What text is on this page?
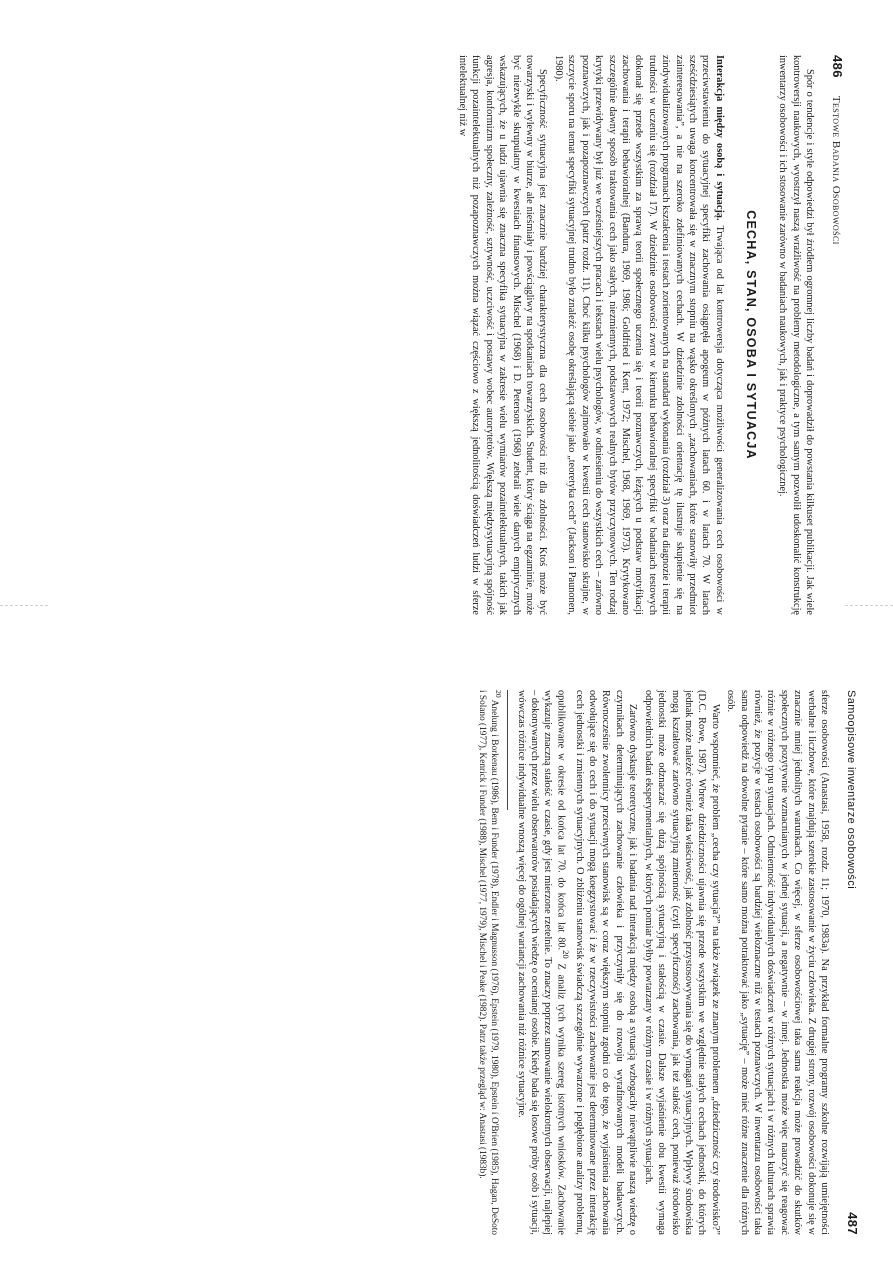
486
Testowe Badania Osobowości

Spór o tendencje i style odpowiedzi był źródłem ogromnej liczby badań i doprowadził do powstania kilkuset publikacji. Jak wiele kontrowersji naukowych, wyostrzył naszą wrażliwość na problemy metodologiczne, a tym samym pozwolił udoskonalić konstrukcję inwentarzy osobowości i ich stosowanie zarówno w badaniach naukowych, jak i praktyce psychologicznej.

CECHA, STAN, OSOBA I SYTUACJA

Interakcja między osobą i sytuacją. Trwająca od lat kontrowersja dotycząca możliwości generalizowania cech osobowości w przeciwstawieniu do sytuacyjnej specyfiki zachowania osiągnęła apogeum w późnych latach 60. i w latach 70. W latach sześćdziesiątych uwaga koncentrowała się w znacznym stopniu na wąsko określonych „zachowaniach, które stanowiły przedmiot zainteresowania”, a nie na szeroko zdefiniowanych cechach. W dziedzinie zdolności orientację tę ilustruje skupienie się na zindywidualizowanych programach kształcenia i testach zorientowanych na standard wykonania (rozdział 3) oraz na diagnozie i terapii trudności w uczeniu się (rozdział 17). W dziedzinie osobowości zwrot w kierunku behawioralnej specyfiki w badaniach testowych dokonał się przede wszystkim za sprawą teorii społecznego uczenia się i teorii poznawczych, leżących u podstaw motyfikacji zachowania i terapii behawioralnej (Bandura, 1969, 1986; Goldfried i Kent, 1972; Mischel, 1968, 1969, 1973). Krytykowano szczególnie dawny sposób traktowania cech jako stałych, niezmiennych, podstawowych realnych bytów przyczynowych. Ten rodzaj krytyki przewidywany był już we wcześniejszych pracach i tekstach wielu psychologów, w odniesieniu do wszystkich cech – zarówno poznawczych, jak i pozapoznawczych (patrz rozdz. 11). Choć kilku psychologów zajmowało w kwestii cech stanowisko skrajne, w szczycie sporu na temat specyfiki sytuacyjnej trudno było znaleźć osobę określającą siebie jako „teoretyka cech” (Jackson i Paunonen, 1980).

Specyficzność sytuacyjna jest znacznie bardziej charakterystyczna dla cech osobowości niż dla zdolności. Ktoś może być towarzyski i wylewny w biurze, ale nieśmiały i powściągliwy na spotkaniach towarzyskich. Student, który ściąga na egzaminie, może być niezwykle skrupulatny w kwestiach finansowych. Mischel (1968) i D. Peterson (1968) zebrali wiele danych empirycznych wskazujących, że u ludzi ujawnia się znaczna specyfika sytuacyjna w zakresie wielu wymiarów pozaintelektualnych, takich jak agresja, konformizm społeczny, zależność, sztywność, uczciwość i postawy wobec autorytetów. Większą międzysytuacyjną spójność funkcji pozaintelektualnych niż pozapoznawczych można wiązać częściowo z większą jednolitością doświadczeń ludzi w sferze intelektualnej niż w

Samoopisowe inwentarze osobowości
487

sferze osobowości (Anastasi, 1958, rozdz. 11; 1970, 1983a). Na przykład formalne programy szkolne rozwijają umiejętności werbalne i liczbowe, które znajdują szerokie zastosowanie w życiu człowieka. Z drugiej strony, rozwój osobowości dokonuje się w znacznie mniej jednolitych warunkach. Co więcej, w sferze osobowościowej taka sama reakcja może prowadzić do skutków społecznych pozytywnie wzmacnianych w jednej sytuacji, a negatywnie – w innej. Jednostka może więc nauczyć się reagować różnie w różnego typu sytuacjach. Odmienność indywidualnych doświadczeń w różnych sytuacjach i w różnych kulturach sprawia również, że pozycje w testach osobowości są bardziej wieloznaczne niż w testach poznawczych. W inwentarzu osobowości taka sama odpowiedź na dowolne pytanie – które samo można potraktować jako „sytuację” – może mieć różne znaczenie dla różnych osób.

Warto wspomnieć, że problem „cecha czy sytuacja?” na także związek ze znanym problemem „dziedziczność czy środowisko?” (D.C. Rowe, 1987). Wbrew dziedziczności ujawnia się przede wszystkim we względnie stałych cechach jednostki, do których jednak może należeć również taka właściwość, jak zdolność przystosowywania się do wymagań sytuacyjnych. Wpływy środowiska mogą kształtować zarówno sytuacyjną zmienność (czyli specyficzność) zachowania, jak też stałość cech, ponieważ środowisko jednostki może odznaczać się dużą spójnością sytuacyjną i stałością w czasie. Dalsze wyjaśnienie obu kwestii wymaga odpowiednich badań eksperymentalnych, w których pomiar byłby powtarzany w różnym czasie i w różnych sytuacjach.

Zarówno dyskusje teoretyczne, jak i badania nad interakcją między osobą a sytuacją wzbogaciły niewątpliwie naszą wiedzę o czynnikach determinujących zachowanie człowieka i przyczyniły się do rozwoju wyrafinowanych modeli badawczych. Równocześnie zwolennicy przeciwnych stanowisk są w coraz większym stopniu zgodni co do tego, że wyjaśnienia zachowania odwołujące się do cech i do sytuacji mogą koegzystować i że w rzeczywistości zachowanie jest determinowane przez interakcję cech jednostki i zmiennych sytuacyjnych. O zbliżeniu stanowisk świadczą szczególnie wywarzone i pogłębione analizy problemu, opublikowane w okresie od końca lat 70. do końca lat 80.20 Z analiz tych wynika szereg istotnych wniosków. Zachowanie wykazuje znaczną stałość w czasie, gdy jest mierzone rzetelnie. To znaczy poprzez sumowanie wielokrotnych obserwacji, najlepiej – dokonywanych przez wielu obserwatorów posiadających wiedzę o ocenianej osobie. Kiedy bada się losowe próby osób i sytuacji, wówczas różnice indywidualne wnoszą więcej do ogólnej wariancji zachowania niż różnice sytuacyjne.

$^{20}$ Anelung i Borkenau (1986), Bem i Funder (1978), Endler i Magnusson (1976), Epstein (1979, 1980), Epstein i O'Brien (1985), Hagan, DeSoto i Solano (1977), Kenrick i Funder (1988), Mischel (1977, 1979), Mischel i Peake (1982). Patrz także przegląd w: Anastasi (1983b).
